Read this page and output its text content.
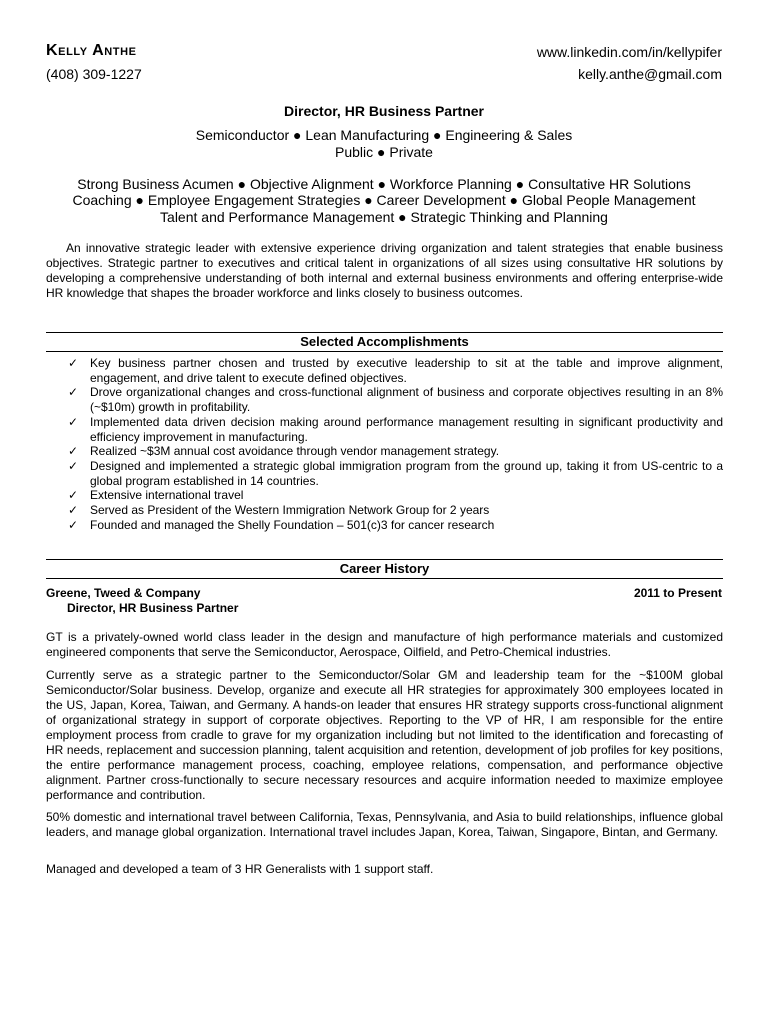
Kelly Anthe
(408) 309-1227
www.linkedin.com/in/kellypifer
kelly.anthe@gmail.com
Director, HR Business Partner
Semiconductor ● Lean Manufacturing ● Engineering & Sales
Public ● Private
Strong Business Acumen ● Objective Alignment ● Workforce Planning ● Consultative HR Solutions
Coaching ● Employee Engagement Strategies ● Career Development ● Global People Management
Talent and Performance Management ● Strategic Thinking and Planning
An innovative strategic leader with extensive experience driving organization and talent strategies that enable business objectives. Strategic partner to executives and critical talent in organizations of all sizes using consultative HR solutions by developing a comprehensive understanding of both internal and external business environments and offering enterprise-wide HR knowledge that shapes the broader workforce and links closely to business outcomes.
Selected Accomplishments
✓ Key business partner chosen and trusted by executive leadership to sit at the table and improve alignment, engagement, and drive talent to execute defined objectives.
✓ Drove organizational changes and cross-functional alignment of business and corporate objectives resulting in an 8% (~$10m) growth in profitability.
✓ Implemented data driven decision making around performance management resulting in significant productivity and efficiency improvement in manufacturing.
✓ Realized ~$3M annual cost avoidance through vendor management strategy.
✓ Designed and implemented a strategic global immigration program from the ground up, taking it from US-centric to a global program established in 14 countries.
✓ Extensive international travel
✓ Served as President of the Western Immigration Network Group for 2 years
✓ Founded and managed the Shelly Foundation – 501(c)3 for cancer research
Career History
Greene, Tweed & Company	2011 to Present
Director, HR Business Partner
GT is a privately-owned world class leader in the design and manufacture of high performance materials and customized engineered components that serve the Semiconductor, Aerospace, Oilfield, and Petro-Chemical industries.
Currently serve as a strategic partner to the Semiconductor/Solar GM and leadership team for the ~$100M global Semiconductor/Solar business. Develop, organize and execute all HR strategies for approximately 300 employees located in the US, Japan, Korea, Taiwan, and Germany. A hands-on leader that ensures HR strategy supports cross-functional alignment of organizational strategy in support of corporate objectives. Reporting to the VP of HR, I am responsible for the entire employment process from cradle to grave for my organization including but not limited to the identification and forecasting of HR needs, replacement and succession planning, talent acquisition and retention, development of job profiles for key positions, the entire performance management process, coaching, employee relations, compensation, and performance objective alignment. Partner cross-functionally to secure necessary resources and acquire information needed to maximize employee performance and contribution.
50% domestic and international travel between California, Texas, Pennsylvania, and Asia to build relationships, influence global leaders, and manage global organization. International travel includes Japan, Korea, Taiwan, Singapore, Bintan, and Germany.
Managed and developed a team of 3 HR Generalists with 1 support staff.
